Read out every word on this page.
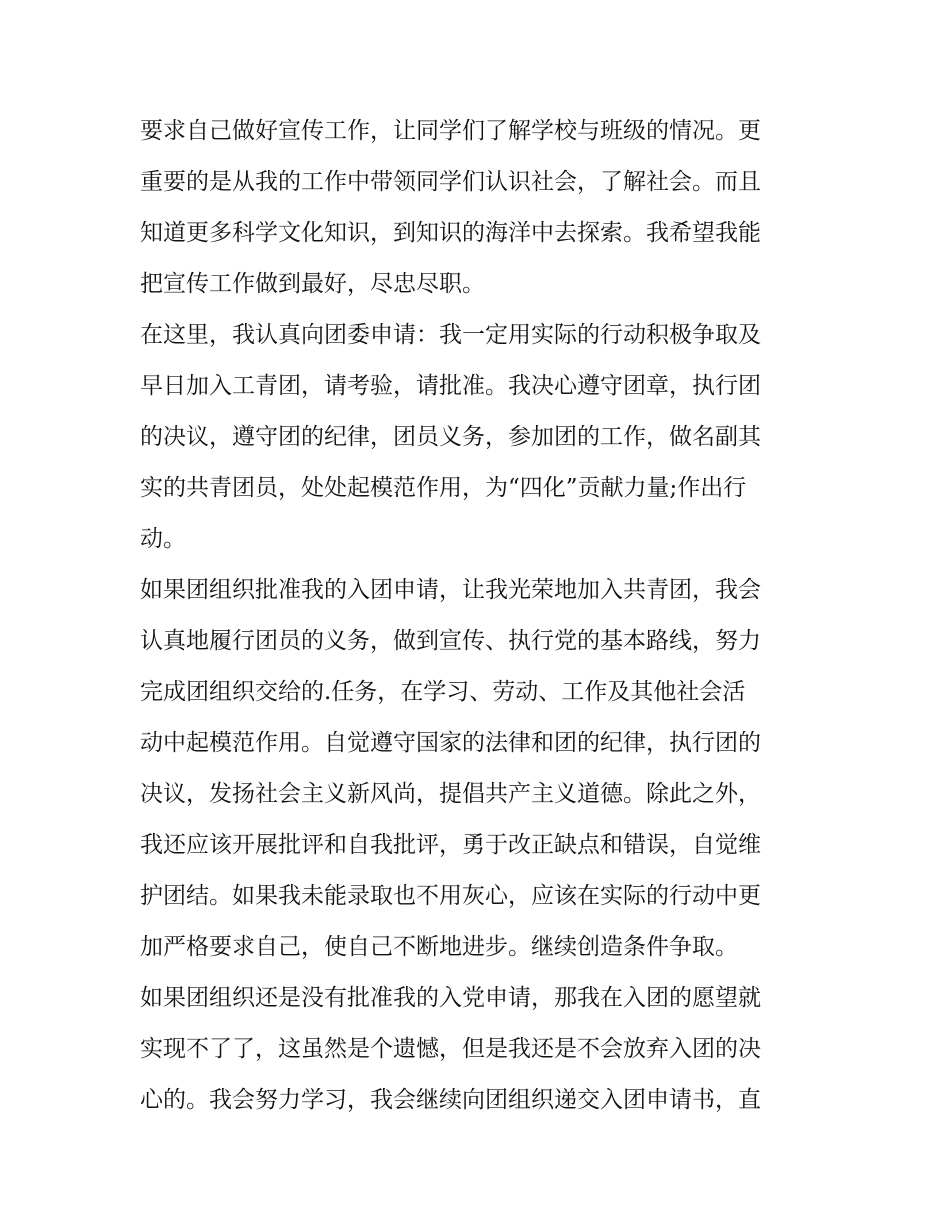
要求自己做好宣传工作，让同学们了解学校与班级的情况。更
重要的是从我的工作中带领同学们认识社会，了解社会。而且
知道更多科学文化知识，到知识的海洋中去探索。我希望我能
把宣传工作做到最好，尽忠尽职。
在这里，我认真向团委申请：我一定用实际的行动积极争取及
早日加入工青团，请考验，请批准。我决心遵守团章，执行团
的决议，遵守团的纪律，团员义务，参加团的工作，做名副其
实的共青团员，处处起模范作用，为“四化”贡献力量;作出行
动。
如果团组织批准我的入团申请，让我光荣地加入共青团，我会
认真地履行团员的义务，做到宣传、执行党的基本路线，努力
完成团组织交给的.任务，在学习、劳动、工作及其他社会活
动中起模范作用。自觉遵守国家的法律和团的纪律，执行团的
决议，发扬社会主义新风尚，提倡共产主义道德。除此之外，
我还应该开展批评和自我批评，勇于改正缺点和错误，自觉维
护团结。如果我未能录取也不用灰心，应该在实际的行动中更
加严格要求自己，使自己不断地进步。继续创造条件争取。
如果团组织还是没有批准我的入党申请，那我在入团的愿望就
实现不了了，这虽然是个遗憾，但是我还是不会放弃入团的决
心的。我会努力学习，我会继续向团组织递交入团申请书，直
